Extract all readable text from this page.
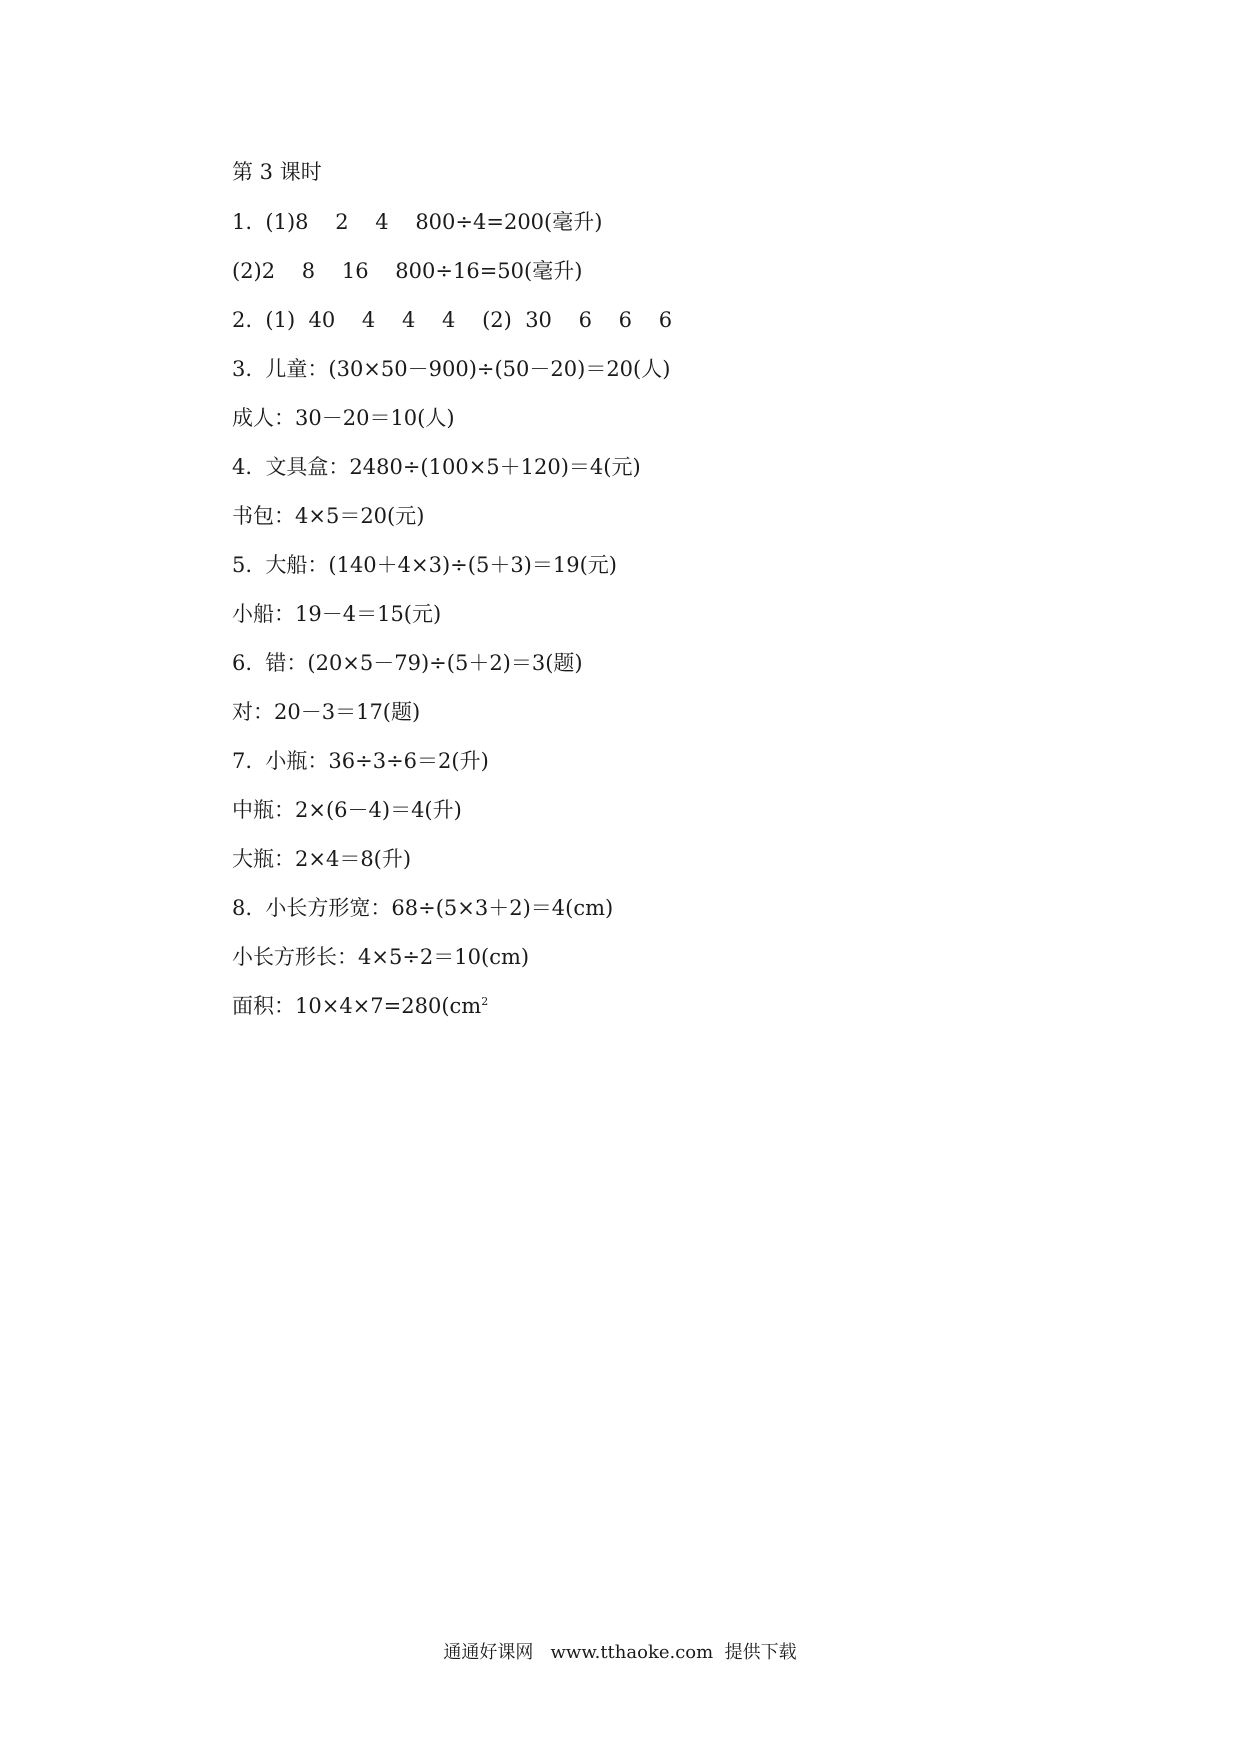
第 3 课时
1.  (1)8    2    4    800÷4=200(毫升)
(2)2    8    16    800÷16=50(毫升)
2.  (1)  40    4    4    4    (2)  30    6    6    6
3.  儿童：(30×50－900)÷(50－20)＝20(人)
成人：30－20＝10(人)
4.  文具盒：2480÷(100×5＋120)＝4(元)
书包：4×5＝20(元)
5.  大船：(140＋4×3)÷(5＋3)＝19(元)
小船：19－4＝15(元)
6.  错：(20×5－79)÷(5＋2)＝3(题)
对：20－3＝17(题)
7.  小瓶：36÷3÷6＝2(升)
中瓶：2×(6－4)＝4(升)
大瓶：2×4＝8(升)
8.  小长方形宽：68÷(5×3＋2)＝4(cm)
小长方形长：4×5÷2＝10(cm)
面积：$10\times 4\times 7=280(cm^2$
通通好课网   www.tthaoke.com  提供下载
